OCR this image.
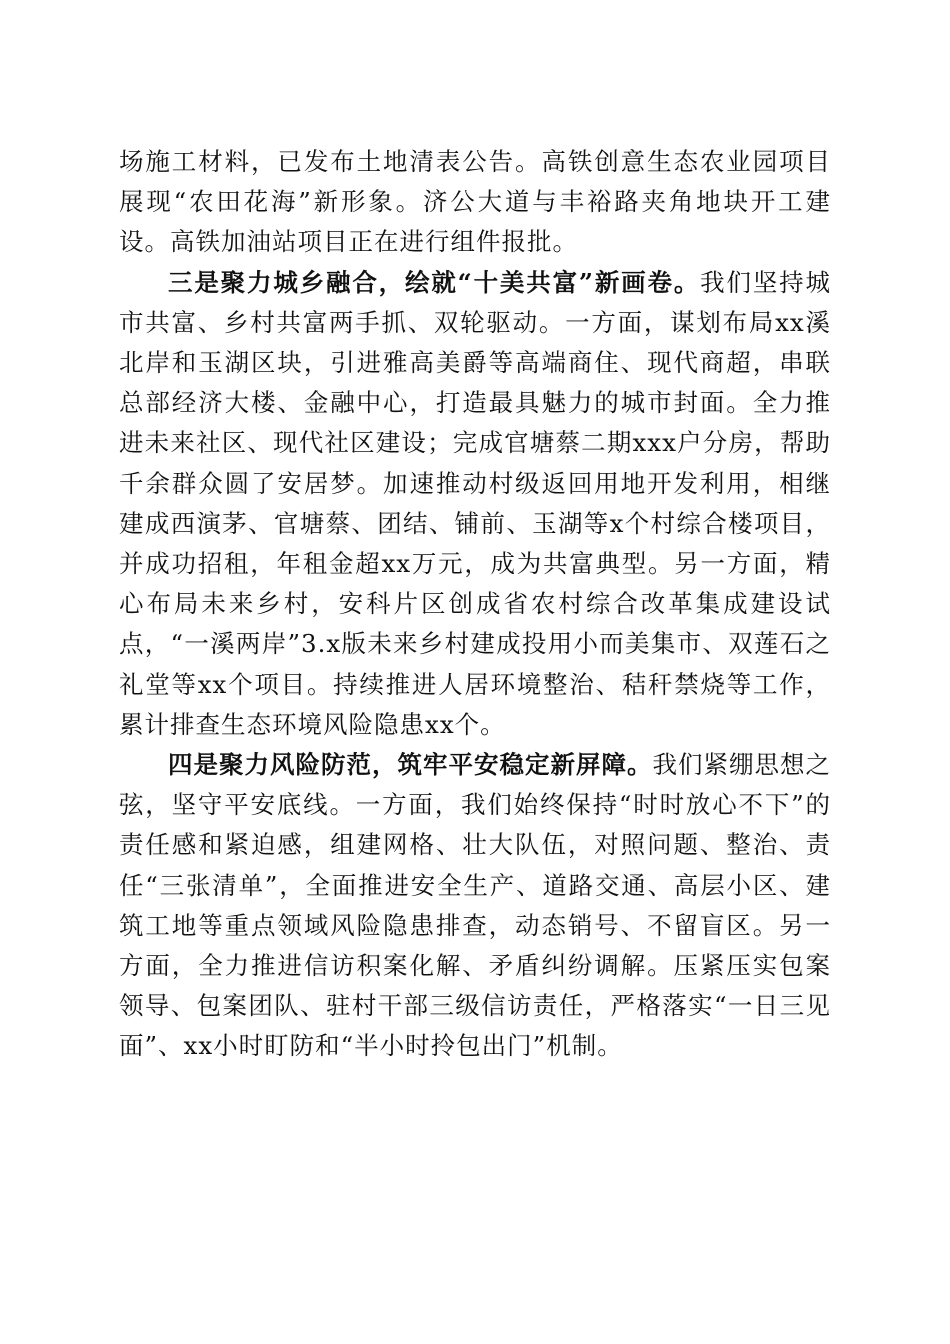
场施工材料，已发布土地清表公告。高铁创意生态农业园项目展现“农田花海”新形象。济公大道与丰裕路夹角地块开工建设。高铁加油站项目正在进行组件报批。

三是聚力城乡融合，绘就“十美共富”新画卷。我们坚持城市共富、乡村共富两手抓、双轮驱动。一方面，谋划布局xx溪北岸和玉湖区块，引进雅高美爵等高端商住、现代商超，串联总部经济大楼、金融中心，打造最具魅力的城市封面。全力推进未来社区、现代社区建设；完成官塘蔡二期xxx户分房，帮助千余群众圆了安居梦。加速推动村级返回用地开发利用，相继建成西演茅、官塘蔡、团结、铺前、玉湖等x个村综合楼项目，并成功招租，年租金超xx万元，成为共富典型。另一方面，精心布局未来乡村，安科片区创成省农村综合改革集成建设试点，“一溪两岸”3.x版未来乡村建成投用小而美集市、双莲石之礼堂等xx个项目。持续推进人居环境整治、秸秆禁烧等工作，累计排查生态环境风险隐患xx个。

四是聚力风险防范，筑牢平安稳定新屏障。我们紧绷思想之弦，坚守平安底线。一方面，我们始终保持“时时放心不下”的责任感和紧迫感，组建网格、壮大队伍，对照问题、整治、责任“三张清单”，全面推进安全生产、道路交通、高层小区、建筑工地等重点领域风险隐患排查，动态销号、不留盲区。另一方面，全力推进信访积案化解、矛盾纠纷调解。压紧压实包案领导、包案团队、驻村干部三级信访责任，严格落实“一日三见面”、xx小时盯防和“半小时拎包出门”机制。
